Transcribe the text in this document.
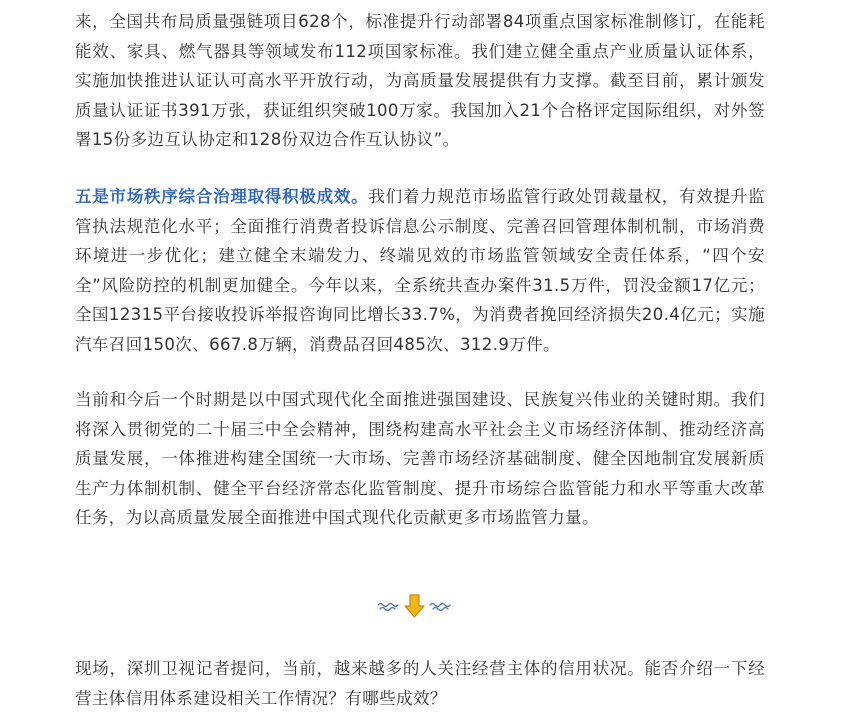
来，全国共布局质量强链项目628个，标准提升行动部署84项重点国家标准制修订，在能耗能效、家具、燃气器具等领域发布112项国家标准。我们建立健全重点产业质量认证体系，实施加快推进认证认可高水平开放行动，为高质量发展提供有力支撑。截至目前，累计颁发质量认证证书391万张，获证组织突破100万家。我国加入21个合格评定国际组织，对外签署15份多边互认协定和128份双边合作互认协议”。

五是市场秩序综合治理取得积极成效。我们着力规范市场监管行政处罚裁量权，有效提升监管执法规范化水平；全面推行消费者投诉信息公示制度、完善召回管理体制机制，市场消费环境进一步优化；建立健全末端发力、终端见效的市场监管领域安全责任体系，“四个安全”风险防控的机制更加健全。今年以来，全系统共查办案件31.5万件，罚没金额17亿元；全国12315平台接收投诉举报咨询同比增长33.7%，为消费者挽回经济损失20.4亿元；实施汽车召回150次、667.8万辆，消费品召回485次、312.9万件。

当前和今后一个时期是以中国式现代化全面推进强国建设、民族复兴伟业的关键时期。我们将深入贯彻党的二十届三中全会精神，围绕构建高水平社会主义市场经济体制、推动经济高质量发展，一体推进构建全国统一大市场、完善市场经济基础制度、健全因地制宜发展新质生产力体制机制、健全平台经济常态化监管制度、提升市场综合监管能力和水平等重大改革任务，为以高质量发展全面推进中国式现代化贡献更多市场监管力量。

现场，深圳卫视记者提问，当前，越来越多的人关注经营主体的信用状况。能否介绍一下经营主体信用体系建设相关工作情况？有哪些成效？
